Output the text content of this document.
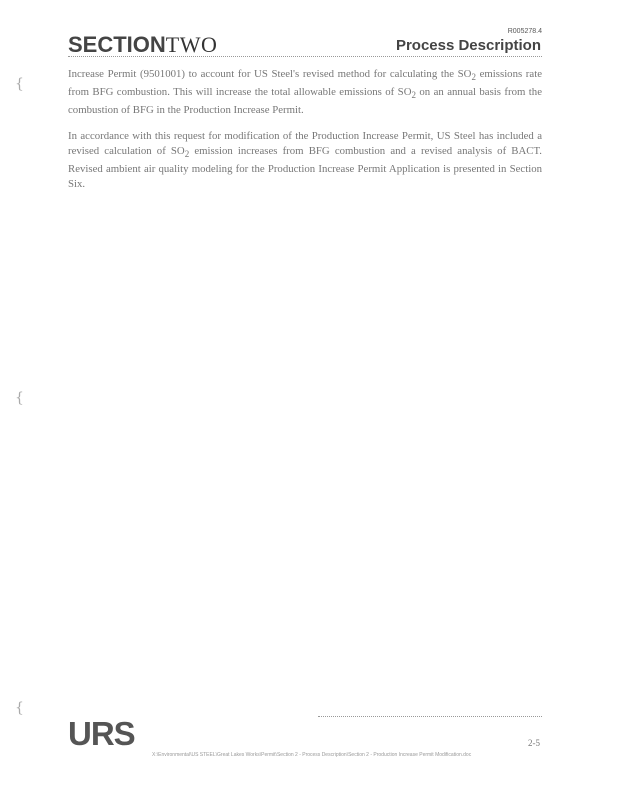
R005278.4
SECTIONTWO	Process Description

Increase Permit (9501001) to account for US Steel's revised method for calculating the $SO_2$ emissions rate from BFG combustion. This will increase the total allowable emissions of $SO_2$ on an annual basis from the combustion of BFG in the Production Increase Permit.

In accordance with this request for modification of the Production Increase Permit, US Steel has included a revised calculation of $SO_2$ emission increases from BFG combustion and a revised analysis of BACT. Revised ambient air quality modeling for the Production Increase Permit Application is presented in Section Six.

{
{
{
URS	2-5
X:\Environmental\US STEEL\Great Lakes Works\Permit\Section 2 - Process Description\Section 2 - Production Increase Permit Modification.doc
